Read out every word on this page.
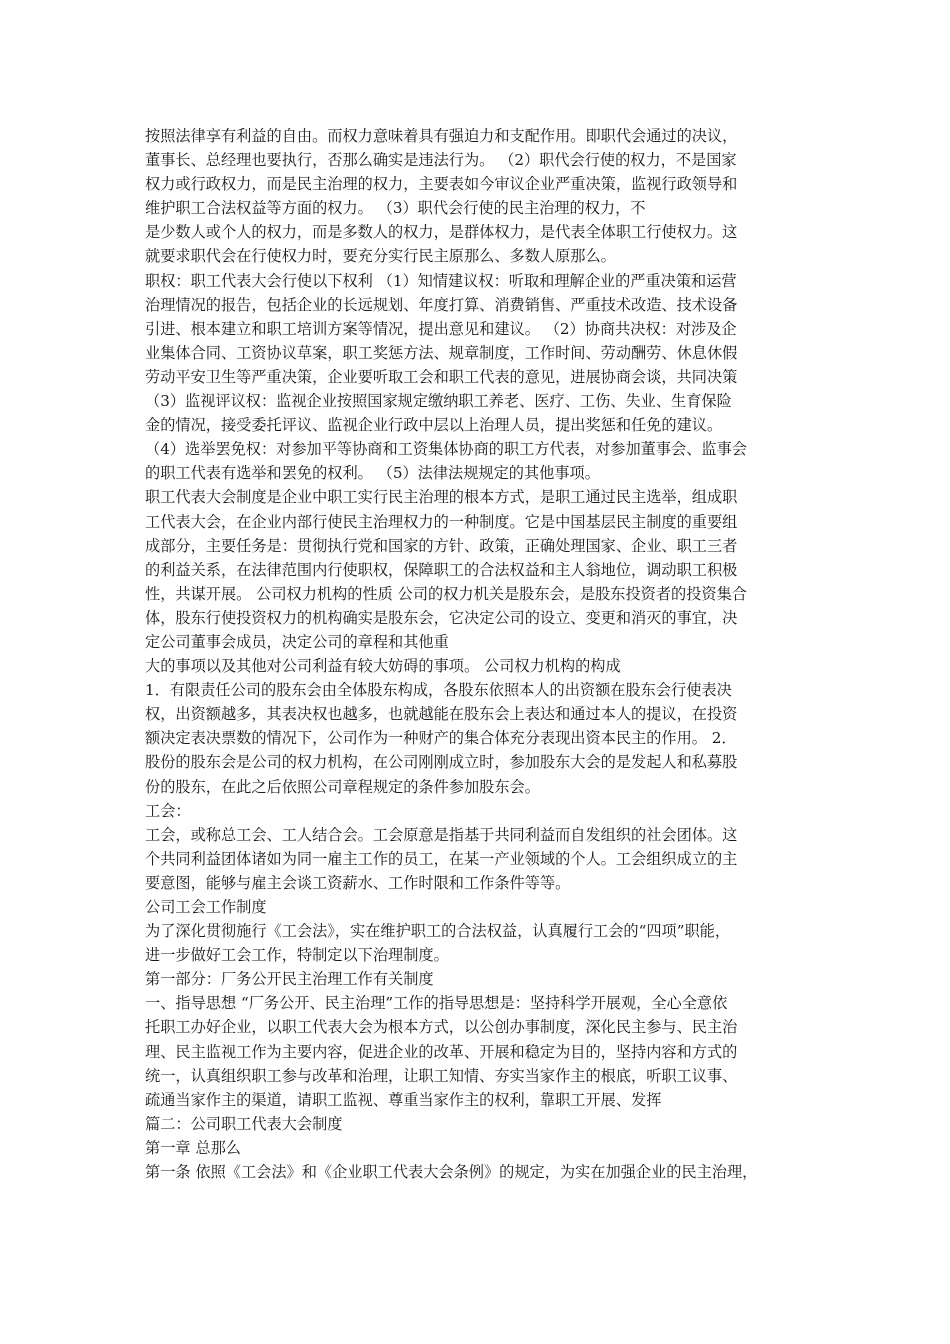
按照法律享有利益的自由。而权力意味着具有强迫力和支配作用。即职代会通过的决议，
董事长、总经理也要执行，否那么确实是违法行为。 （2）职代会行使的权力，不是国家
权力或行政权力，而是民主治理的权力，主要表如今审议企业严重决策，监视行政领导和
维护职工合法权益等方面的权力。 （3）职代会行使的民主治理的权力，不
是少数人或个人的权力，而是多数人的权力，是群体权力，是代表全体职工行使权力。这
就要求职代会在行使权力时，要充分实行民主原那么、多数人原那么。
职权：职工代表大会行使以下权利 （1）知情建议权：听取和理解企业的严重决策和运营
治理情况的报告，包括企业的长远规划、年度打算、消费销售、严重技术改造、技术设备
引进、根本建立和职工培训方案等情况，提出意见和建议。 （2）协商共决权：对涉及企
业集体合同、工资协议草案，职工奖惩方法、规章制度，工作时间、劳动酬劳、休息休假
劳动平安卫生等严重决策，企业要听取工会和职工代表的意见，进展协商会谈，共同决策
（3）监视评议权：监视企业按照国家规定缴纳职工养老、医疗、工伤、失业、生育保险
金的情况，接受委托评议、监视企业行政中层以上治理人员，提出奖惩和任免的建议。
（4）选举罢免权：对参加平等协商和工资集体协商的职工方代表，对参加董事会、监事会
的职工代表有选举和罢免的权利。 （5）法律法规规定的其他事项。
职工代表大会制度是企业中职工实行民主治理的根本方式，是职工通过民主选举，组成职
工代表大会，在企业内部行使民主治理权力的一种制度。它是中国基层民主制度的重要组
成部分，主要任务是：贯彻执行党和国家的方针、政策，正确处理国家、企业、职工三者
的利益关系，在法律范围内行使职权，保障职工的合法权益和主人翁地位，调动职工积极
性，共谋开展。 公司权力机构的性质 公司的权力机关是股东会，是股东投资者的投资集合
体，股东行使投资权力的机构确实是股东会，它决定公司的设立、变更和消灭的事宜，决
定公司董事会成员，决定公司的章程和其他重
大的事项以及其他对公司利益有较大妨碍的事项。 公司权力机构的构成
1．有限责任公司的股东会由全体股东构成，各股东依照本人的出资额在股东会行使表决
权，出资额越多，其表决权也越多，也就越能在股东会上表达和通过本人的提议，在投资
额决定表决票数的情况下，公司作为一种财产的集合体充分表现出资本民主的作用。 2．
股份的股东会是公司的权力机构，在公司刚刚成立时，参加股东大会的是发起人和私募股
份的股东，在此之后依照公司章程规定的条件参加股东会。
工会：
工会，或称总工会、工人结合会。工会原意是指基于共同利益而自发组织的社会团体。这
个共同利益团体诸如为同一雇主工作的员工，在某一产业领域的个人。工会组织成立的主
要意图，能够与雇主会谈工资薪水、工作时限和工作条件等等。
公司工会工作制度
为了深化贯彻施行《工会法》，实在维护职工的合法权益，认真履行工会的“四项”职能，
进一步做好工会工作，特制定以下治理制度。
第一部分：厂务公开民主治理工作有关制度
一、指导思想 “厂务公开、民主治理”工作的指导思想是：坚持科学开展观，全心全意依
托职工办好企业，以职工代表大会为根本方式，以公创办事制度，深化民主参与、民主治
理、民主监视工作为主要内容，促进企业的改革、开展和稳定为目的，坚持内容和方式的
统一，认真组织职工参与改革和治理，让职工知情、夯实当家作主的根底，听职工议事、
疏通当家作主的渠道，请职工监视、尊重当家作主的权利，靠职工开展、发挥
篇二：公司职工代表大会制度
第一章 总那么
第一条 依照《工会法》和《企业职工代表大会条例》的规定，为实在加强企业的民主治理，
